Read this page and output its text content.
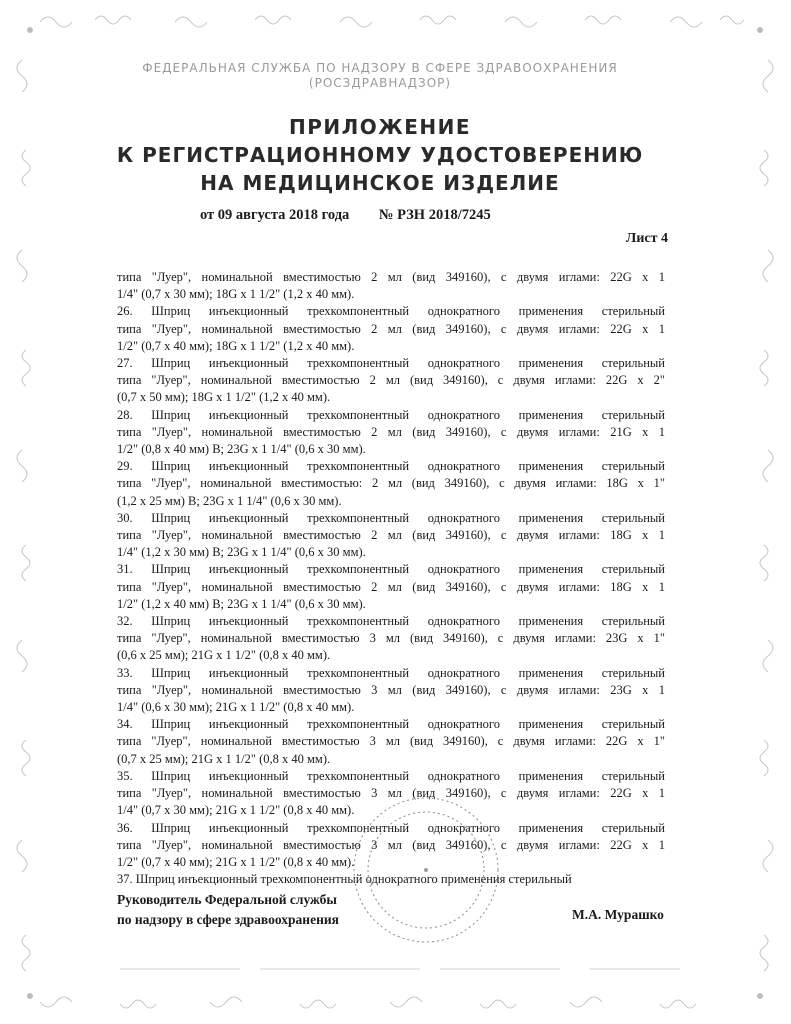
ФЕДЕРАЛЬНАЯ СЛУЖБА ПО НАДЗОРУ В СФЕРЕ ЗДРАВООХРАНЕНИЯ
(РОСЗДРАВНАДЗОР)
ПРИЛОЖЕНИЕ
К РЕГИСТРАЦИОННОМУ УДОСТОВЕРЕНИЮ
НА МЕДИЦИНСКОЕ ИЗДЕЛИЕ
от 09 августа 2018 года № РЗН 2018/7245
Лист 4
типа "Луер", номинальной вместимостью 2 мл (вид 349160), с двумя иглами: 22G x 1
1/4" (0,7 x 30 мм); 18G x 1 1/2" (1,2 x 40 мм).
26. Шприц инъекционный трехкомпонентный однократного применения стерильный
типа "Луер", номинальной вместимостью 2 мл (вид 349160), с двумя иглами: 22G x 1
1/2" (0,7 x 40 мм); 18G x 1 1/2" (1,2 x 40 мм).
27. Шприц инъекционный трехкомпонентный однократного применения стерильный
типа "Луер", номинальной вместимостью 2 мл (вид 349160), с двумя иглами: 22G x 2"
(0,7 x 50 мм); 18G x 1 1/2" (1,2 x 40 мм).
28. Шприц инъекционный трехкомпонентный однократного применения стерильный
типа "Луер", номинальной вместимостью 2 мл (вид 349160), с двумя иглами: 21G x 1
1/2" (0,8 x 40 мм) B; 23G x 1 1/4" (0,6 x 30 мм).
29. Шприц инъекционный трехкомпонентный однократного применения стерильный
типа "Луер", номинальной вместимостью: 2 мл (вид 349160), с двумя иглами: 18G x 1"
(1,2 x 25 мм) B; 23G x 1 1/4" (0,6 x 30 мм).
30. Шприц инъекционный трехкомпонентный однократного применения стерильный
типа "Луер", номинальной вместимостью 2 мл (вид 349160), с двумя иглами: 18G x 1
1/4" (1,2 x 30 мм) B; 23G x 1 1/4" (0,6 x 30 мм).
31. Шприц инъекционный трехкомпонентный однократного применения стерильный
типа "Луер", номинальной вместимостью 2 мл (вид 349160), с двумя иглами: 18G x 1
1/2" (1,2 x 40 мм) B; 23G x 1 1/4" (0,6 x 30 мм).
32. Шприц инъекционный трехкомпонентный однократного применения стерильный
типа "Луер", номинальной вместимостью 3 мл (вид 349160), с двумя иглами: 23G x 1"
(0,6 x 25 мм); 21G x 1 1/2" (0,8 x 40 мм).
33. Шприц инъекционный трехкомпонентный однократного применения стерильный
типа "Луер", номинальной вместимостью 3 мл (вид 349160), с двумя иглами: 23G x 1
1/4" (0,6 x 30 мм); 21G x 1 1/2" (0,8 x 40 мм).
34. Шприц инъекционный трехкомпонентный однократного применения стерильный
типа "Луер", номинальной вместимостью 3 мл (вид 349160), с двумя иглами: 22G x 1"
(0,7 x 25 мм); 21G x 1 1/2" (0,8 x 40 мм).
35. Шприц инъекционный трехкомпонентный однократного применения стерильный
типа "Луер", номинальной вместимостью 3 мл (вид 349160), с двумя иглами: 22G x 1
1/4" (0,7 x 30 мм); 21G x 1 1/2" (0,8 x 40 мм).
36. Шприц инъекционный трехкомпонентный однократного применения стерильный
типа "Луер", номинальной вместимостью 3 мл (вид 349160), с двумя иглами: 22G x 1
1/2" (0,7 x 40 мм); 21G x 1 1/2" (0,8 x 40 мм).
37. Шприц инъекционный трехкомпонентный однократного применения стерильный
Руководитель Федеральной службы
по надзору в сфере здравоохранения	М.А. Мурашко
